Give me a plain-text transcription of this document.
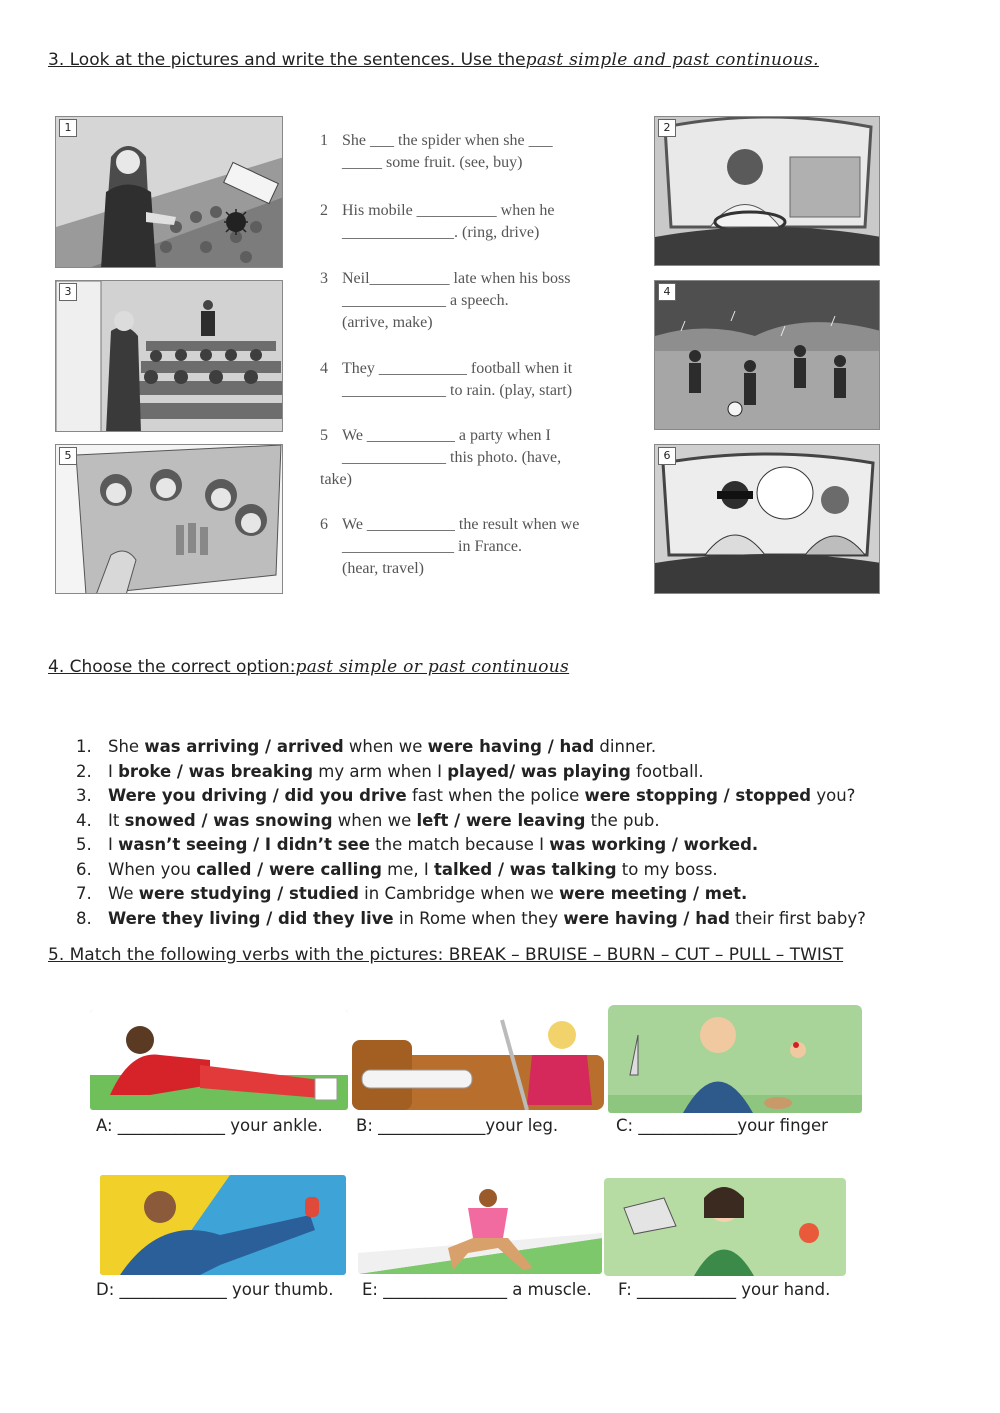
3. Look at the pictures and write the sentences. Use thepast simple and past continuous.
1	2
3	4
5	6
1 She ___ the spider when she ___
_____ some fruit. (see, buy)
2 His mobile __________ when he
______________. (ring, drive)
3 Neil__________ late when his boss
_____________ a speech.
(arrive, make)
4 They ___________ football when it
_____________ to rain. (play, start)
5 We ___________ a party when I
_____________ this photo. (have,
take)
6 We ___________ the result when we
______________ in France.
(hear, travel)
4. Choose the correct option:past simple or past continuous
1. She was arriving / arrived when we were having / had dinner.
2. I broke / was breaking my arm when I played/ was playing football.
3. Were you driving / did you drive fast when the police were stopping / stopped you?
4. It snowed / was snowing when we left / were leaving the pub.
5. I wasn’t seeing / I didn’t see the match because I was working / worked.
6. When you called / were calling me, I talked / was talking to my boss.
7. We were studying / studied in Cambridge when we were meeting / met.
8. Were they living / did they live in Rome when they were having / had their first baby?
5. Match the following verbs with the pictures: BREAK – BRUISE – BURN – CUT – PULL – TWIST
A: _____________ your ankle. B: _____________your leg.	C: ____________your finger
D: _____________ your thumb. E: _______________ a muscle. F: ____________ your hand.
